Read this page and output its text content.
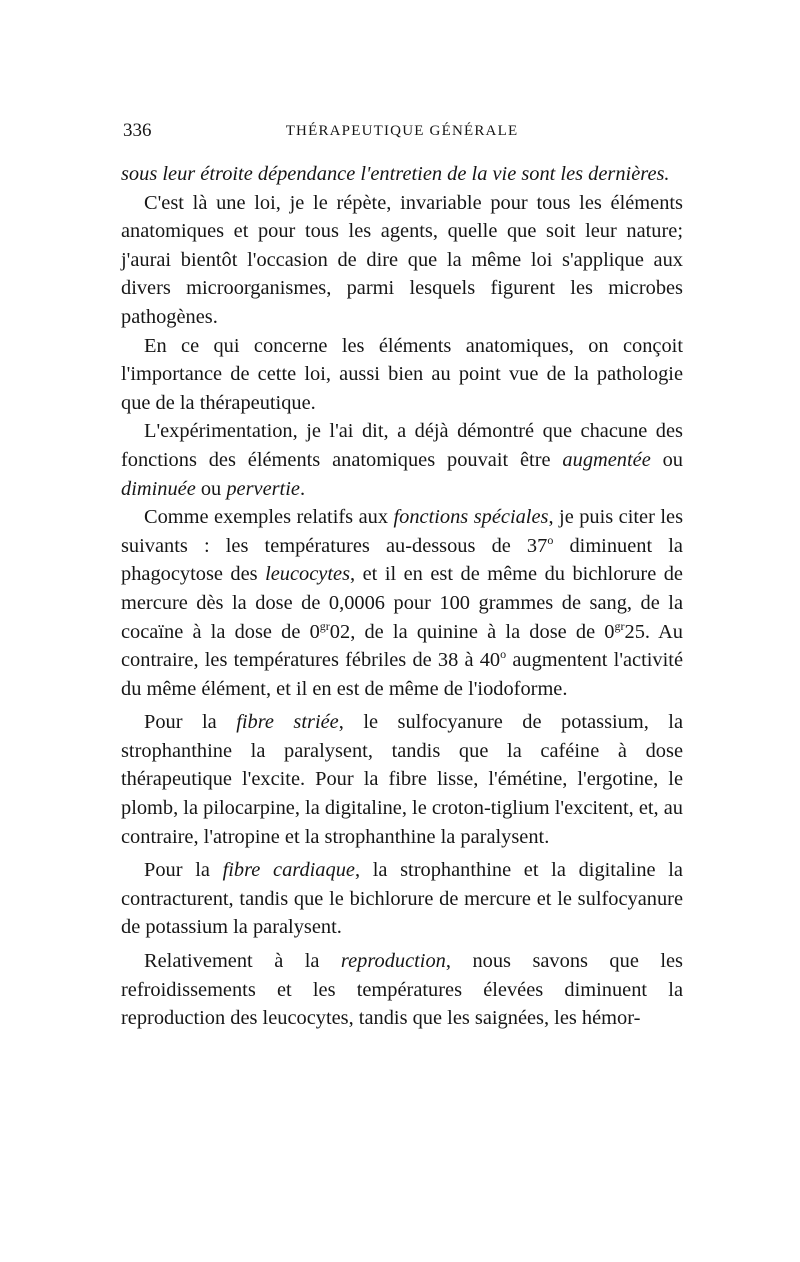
336	THÉRAPEUTIQUE GÉNÉRALE

sous leur étroite dépendance l'entretien de la vie sont les dernières.

C'est là une loi, je le répète, invariable pour tous les éléments anatomiques et pour tous les agents, quelle que soit leur nature; j'aurai bientôt l'occasion de dire que la même loi s'applique aux divers microorganismes, parmi lesquels figurent les microbes pathogènes.

En ce qui concerne les éléments anatomiques, on conçoit l'importance de cette loi, aussi bien au point vue de la pathologie que de la thérapeutique.

L'expérimentation, je l'ai dit, a déjà démontré que chacune des fonctions des éléments anatomiques pouvait être augmentée ou diminuée ou pervertie.

Comme exemples relatifs aux fonctions spéciales, je puis citer les suivants : les températures au-dessous de 37$^o$ diminuent la phagocytose des leucocytes, et il en est de même du bichlorure de mercure dès la dose de 0,0006 pour 100 grammes de sang, de la cocaïne à la dose de $0^{gr}02$, de la quinine à la dose de $0^{gr}25$. Au contraire, les températures fébriles de 38 à 40$^o$ augmentent l'activité du même élément, et il en est de même de l'iodoforme.

Pour la fibre striée, le sulfocyanure de potassium, la strophanthine la paralysent, tandis que la caféine à dose thérapeutique l'excite. Pour la fibre lisse, l'émétine, l'ergotine, le plomb, la pilocarpine, la digitaline, le croton-tiglium l'excitent, et, au contraire, l'atropine et la strophanthine la paralysent.

Pour la fibre cardiaque, la strophanthine et la digitaline la contracturent, tandis que le bichlorure de mercure et le sulfocyanure de potassium la paralysent.

Relativement à la reproduction, nous savons que les refroidissements et les températures élevées diminuent la reproduction des leucocytes, tandis que les saignées, les hémor-
